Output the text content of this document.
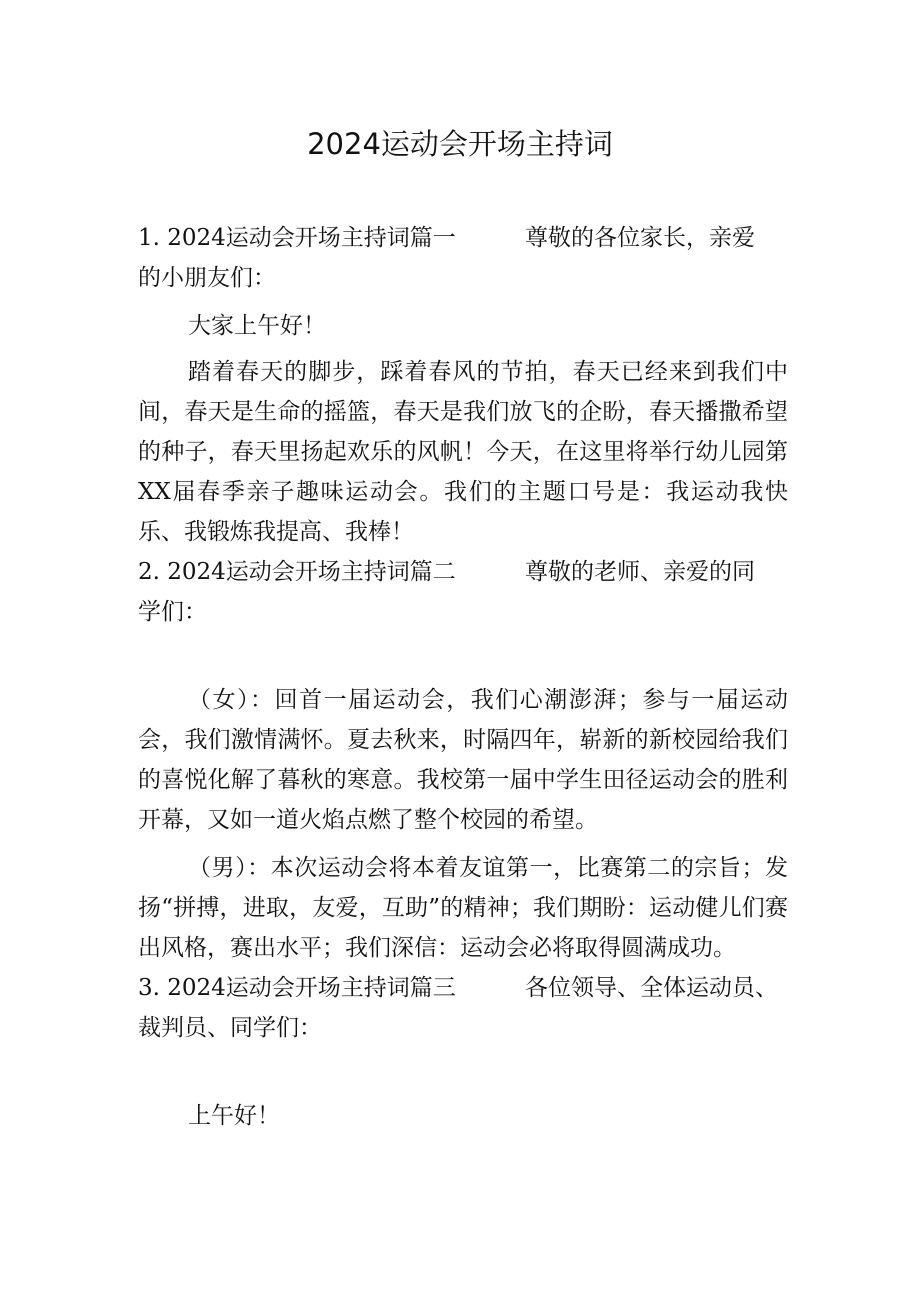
2024运动会开场主持词

1. 2024运动会开场主持词篇一	尊敬的各位家长，亲爱

的小朋友们：

大家上午好！

踏着春天的脚步，踩着春风的节拍，春天已经来到我们中间，春天是生命的摇篮，春天是我们放飞的企盼，春天播撒希望的种子，春天里扬起欢乐的风帆！今天，在这里将举行幼儿园第XX届春季亲子趣味运动会。我们的主题口号是：我运动我快乐、我锻炼我提高、我棒！

2. 2024运动会开场主持词篇二	尊敬的老师、亲爱的同

学们：

（女）：回首一届运动会，我们心潮澎湃；参与一届运动会，我们激情满怀。夏去秋来，时隔四年，崭新的新校园给我们的喜悦化解了暮秋的寒意。我校第一届中学生田径运动会的胜利开幕，又如一道火焰点燃了整个校园的希望。

（男）：本次运动会将本着友谊第一，比赛第二的宗旨；发扬“拼搏，进取，友爱，互助”的精神；我们期盼：运动健儿们赛出风格，赛出水平；我们深信：运动会必将取得圆满成功。

3. 2024运动会开场主持词篇三	各位领导、全体运动员、

裁判员、同学们：

上午好！
